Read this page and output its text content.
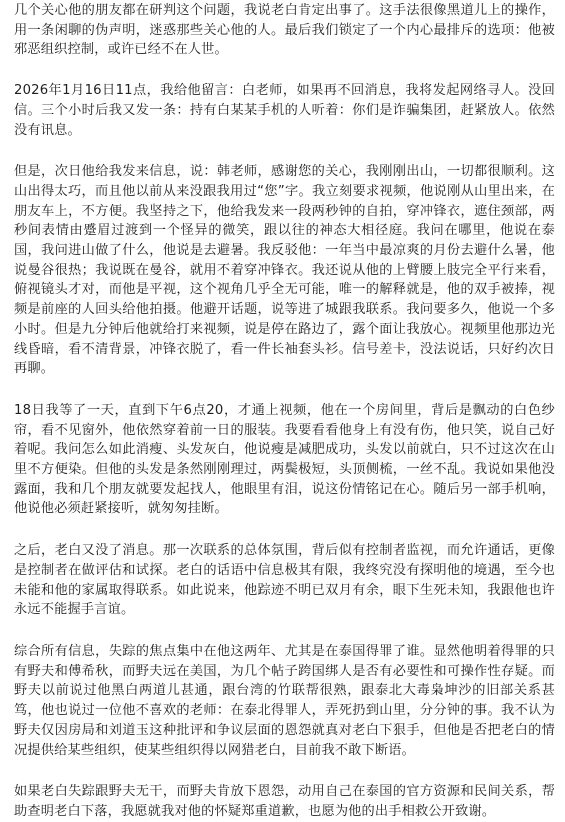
几个关心他的朋友都在研判这个问题，我说老白肯定出事了。这手法很像黑道儿上的操作，用一条闲聊的伪声明，迷惑那些关心他的人。最后我们锁定了一个内心最排斥的选项：他被邪恶组织控制，或许已经不在人世。

2026年1月16日11点，我给他留言：白老师，如果再不回消息，我将发起网络寻人。没回信。三个小时后我又发一条：持有白某某手机的人听着：你们是诈骗集团，赶紧放人。依然没有讯息。

但是，次日他给我发来信息，说：韩老师，感谢您的关心，我刚刚出山，一切都很顺利。这山出得太巧，而且他以前从来没跟我用过“您”字。我立刻要求视频，他说刚从山里出来，在朋友车上，不方便。我坚持之下，他给我发来一段两秒钟的自拍，穿冲锋衣，遮住颈部，两秒间表情由蹙眉过渡到一个怪异的微笑，跟以往的神态大相径庭。我问在哪里，他说在泰国，我问进山做了什么，他说是去避暑。我反驳他：一年当中最凉爽的月份去避什么暑，他说曼谷很热；我说既在曼谷，就用不着穿冲锋衣。我还说从他的上臂腰上肢完全平行来看，俯视镜头才对，而他是平视，这个视角几乎全无可能，唯一的解释就是，他的双手被捧，视频是前座的人回头给他拍摄。他避开话题，说等进了城跟我联系。我问要多久，他说一个多小时。但是九分钟后他就给打来视频，说是停在路边了，露个面让我放心。视频里他那边光线昏暗，看不清背景，冲锋衣脱了，看一件长袖套头衫。信号差卡，没法说话，只好约次日再聊。

18日我等了一天，直到下午6点20，才通上视频，他在一个房间里，背后是飘动的白色纱帘，看不见窗外，他依然穿着前一日的服装。我要看看他身上有没有伤，他只笑，说自己好着呢。我问怎么如此消瘦、头发灰白，他说瘦是减肥成功，头发以前就白，只不过这次在山里不方便染。但他的头发是条然刚刚理过，两鬓极短，头顶侧梳，一丝不乱。我说如果他没露面，我和几个朋友就要发起找人，他眼里有泪，说这份情铭记在心。随后另一部手机响，他说他必须赶紧接听，就匆匆挂断。

之后，老白又没了消息。那一次联系的总体氛围，背后似有控制者监视，而允许通话，更像是控制者在做评估和试探。老白的话语中信息极其有限，我终究没有探明他的境遇，至今也未能和他的家属取得联系。如此说来，他踪迹不明已双月有余，眼下生死未知，我跟他也许永远不能握手言谊。

综合所有信息，失踪的焦点集中在他这两年、尤其是在泰国得罪了谁。显然他明着得罪的只有野夫和傅希秋，而野夫远在美国，为几个帖子跨国绑人是否有必要性和可操作性存疑。而野夫以前说过他黑白两道儿甚通，跟台湾的竹联帮很熟，跟泰北大毒枭坤沙的旧部关系甚笃，他也说过一位他不喜欢的老师：在泰北得罪人，弄死扔到山里，分分钟的事。我不认为野夫仅因房局和刘道玉这种批评和争议层面的恩怨就真对老白下狠手，但他是否把老白的情况提供给某些组织，使某些组织得以网猎老白，目前我不敢下断语。

如果老白失踪跟野夫无干，而野夫肯放下恩怨，动用自己在泰国的官方资源和民间关系，帮助查明老白下落，我愿就我对他的怀疑郑重道歉，也愿为他的出手相救公开致谢。
